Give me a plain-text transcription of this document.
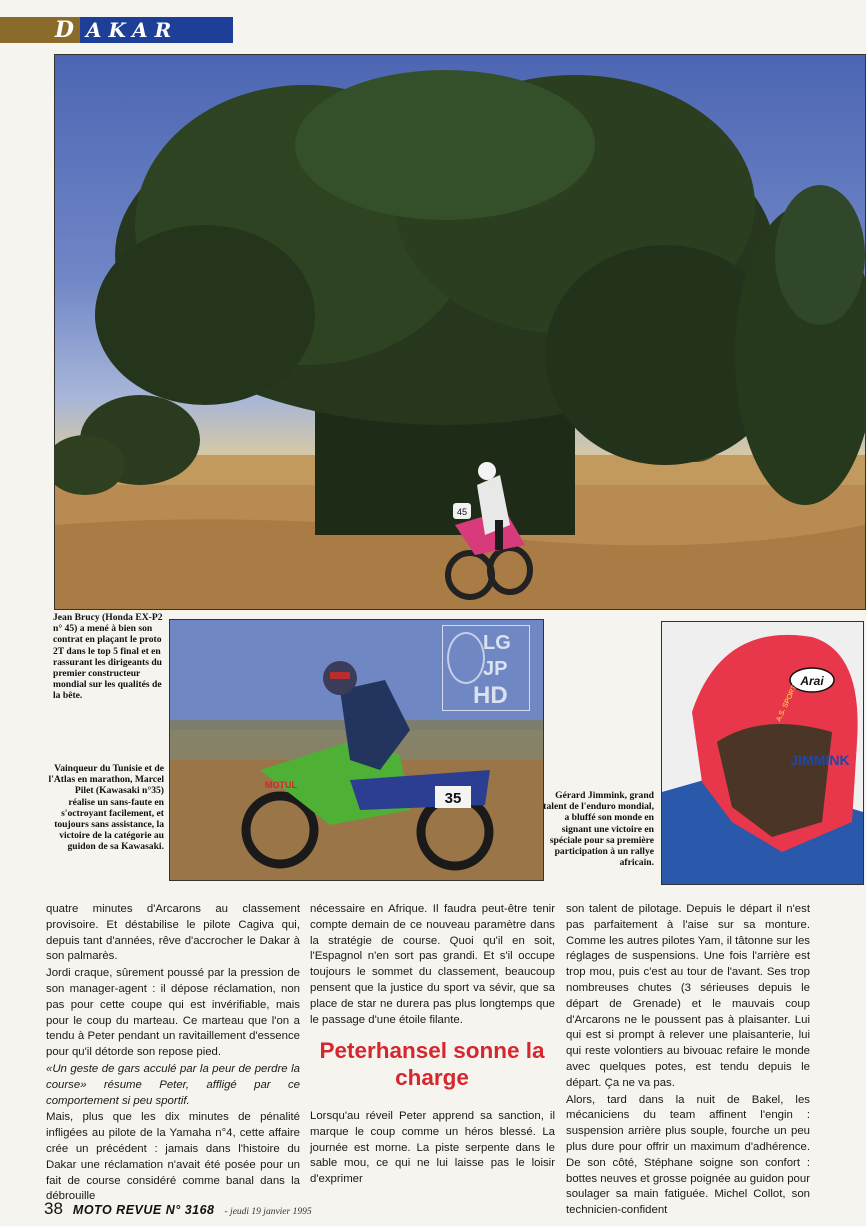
D AKAR
45
Jean Brucy (Honda EX-P2 n° 45) a mené à bien son contrat en plaçant le proto 2T dans le top 5 final et en rassurant les dirigeants du premier constructeur mondial sur les qualités de la bête.
MOTUL
35
LG
JP
HD
Vainqueur du Tunisie et de l'Atlas en marathon, Marcel Pilet (Kawasaki n°35) réalise un sans-faute en s'octroyant facilement, et toujours sans assistance, la victoire de la catégorie au guidon de sa Kawasaki.
Gérard Jimmink, grand talent de l'enduro mondial, a bluffé son monde en signant une victoire en spéciale pour sa première participation à un rallye africain.
Arai
JIMMINK
A.S. SPORT

quatre minutes d'Arcarons au classement provisoire. Et déstabilise le pilote Cagiva qui, depuis tant d'années, rêve d'accrocher le Dakar à son palmarès.

Jordi craque, sûrement poussé par la pression de son manager-agent : il dépose réclamation, non pas pour cette coupe qui est invérifiable, mais pour le coup du marteau. Ce marteau que l'on a tendu à Peter pendant un ravitaillement d'essence pour qu'il détorde son repose pied.

«Un geste de gars acculé par la peur de perdre la course» résume Peter, affligé par ce comportement si peu sportif.

Mais, plus que les dix minutes de pénalité infligées au pilote de la Yamaha n°4, cette affaire crée un précédent : jamais dans l'histoire du Dakar une réclamation n'avait été posée pour un fait de course considéré comme banal dans la débrouille

nécessaire en Afrique. Il faudra peut-être tenir compte demain de ce nouveau paramètre dans la stratégie de course. Quoi qu'il en soit, l'Espagnol n'en sort pas grandi. Et s'il occupe toujours le sommet du classement, beaucoup pensent que la justice du sport va sévir, que sa place de star ne durera pas plus longtemps que le passage d'une étoile filante.

Peterhansel sonne la charge

Lorsqu'au réveil Peter apprend sa sanction, il marque le coup comme un héros blessé. La journée est morne. La piste serpente dans le sable mou, ce qui ne lui laisse pas le loisir d'exprimer

son talent de pilotage. Depuis le départ il n'est pas parfaitement à l'aise sur sa monture. Comme les autres pilotes Yam, il tâtonne sur les réglages de suspensions. Une fois l'arrière est trop mou, puis c'est au tour de l'avant. Ses trop nombreuses chutes (3 sérieuses depuis le départ de Grenade) et le mauvais coup d'Arcarons ne le poussent pas à plaisanter. Lui qui est si prompt à relever une plaisanterie, lui qui reste volontiers au bivouac refaire le monde avec quelques potes, est tendu depuis le départ. Ça ne va pas.

Alors, tard dans la nuit de Bakel, les mécaniciens du team affinent l'engin : suspension arrière plus souple, fourche un peu plus dure pour offrir un maximum d'adhérence. De son côté, Stéphane soigne son confort : bottes neuves et grosse poignée au guidon pour soulager sa main fatiguée. Michel Collot, son technicien-confident

38 MOTO REVUE N° 3168 - jeudi 19 janvier 1995
